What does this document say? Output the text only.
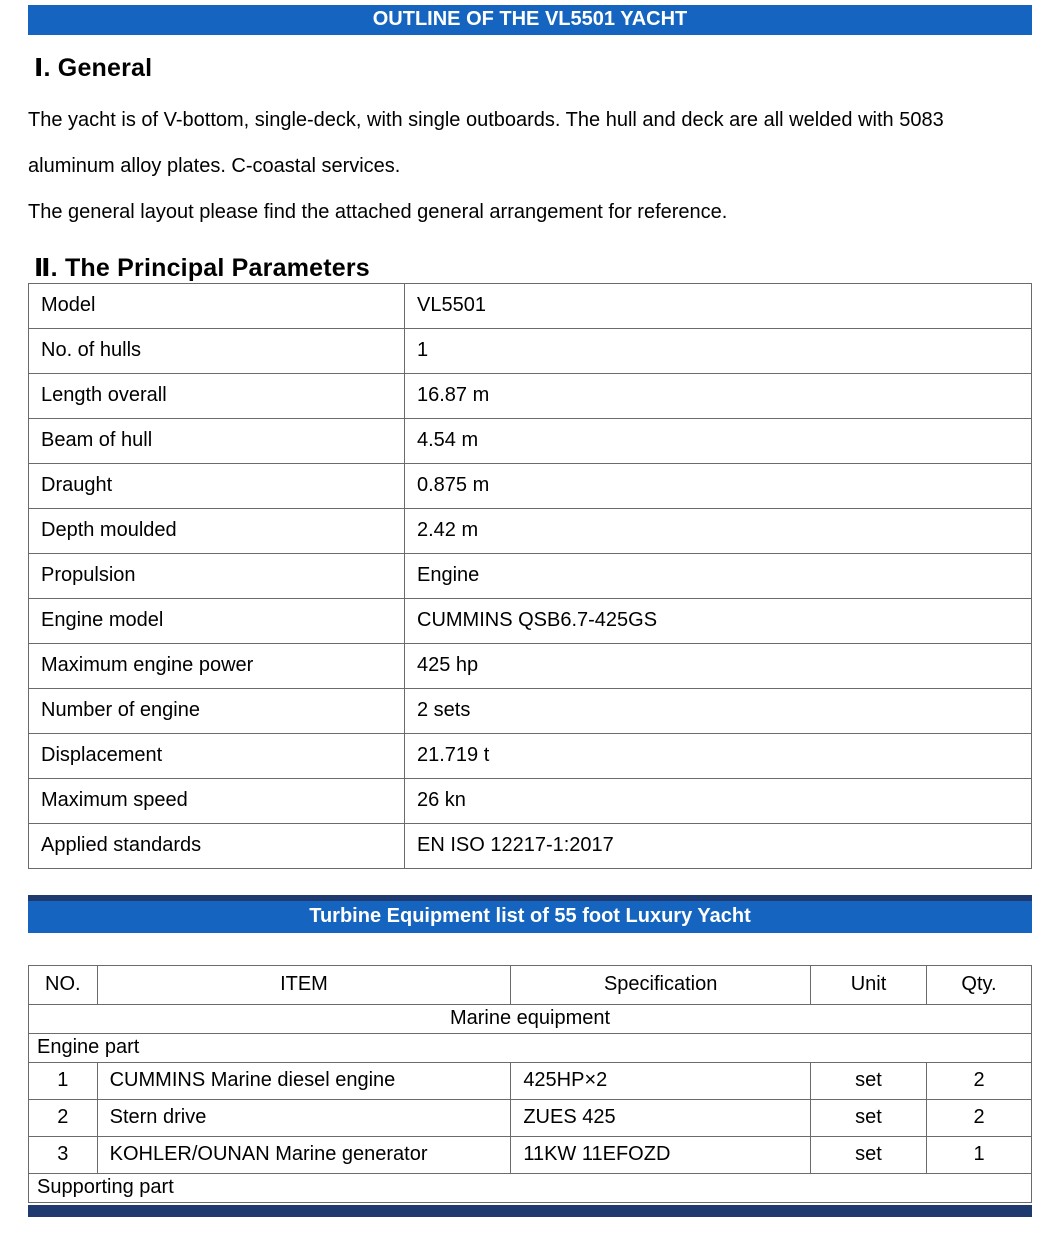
OUTLINE OF THE VL5501 YACHT
Ⅰ. General

The yacht is of V-bottom, single-deck, with single outboards. The hull and deck are all welded with 5083 aluminum alloy plates. C-coastal services.

The general layout please find the attached general arrangement for reference.

Ⅱ. The Principal Parameters
Model	VL5501
No. of hulls	1
Length overall	16.87 m
Beam of hull	4.54 m
Draught	0.875 m
Depth moulded	2.42 m
Propulsion	Engine
Engine model	CUMMINS QSB6.7-425GS
Maximum engine power	425 hp
Number of engine	2 sets
Displacement	21.719 t
Maximum speed	26 kn
Applied standards	EN ISO 12217-1:2017
Turbine Equipment list of 55 foot Luxury Yacht
NO.	ITEM	Specification	Unit	Qty.
Marine equipment				
Engine part				
1	CUMMINS Marine diesel engine	425HP×2	set	2
2	Stern drive	ZUES 425	set	2
3	KOHLER/OUNAN Marine generator	11KW 11EFOZD	set	1
Supporting part				
